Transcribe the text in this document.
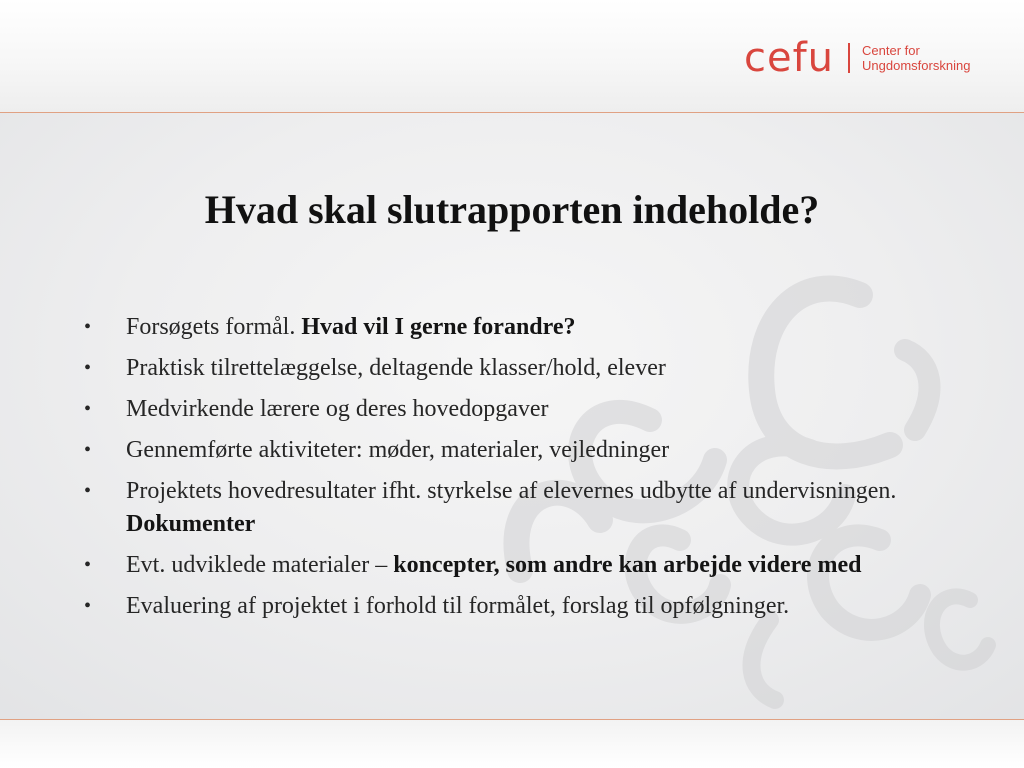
cefu Center for
Ungdomsforskning
Hvad skal slutrapporten indeholde?
• Forsøgets formål. Hvad vil I gerne forandre?
• Praktisk tilrettelæggelse, deltagende klasser/hold, elever
• Medvirkende lærere og deres hovedopgaver
• Gennemførte aktiviteter: møder, materialer, vejledninger
• Projektets hovedresultater ifht. styrkelse af elevernes udbytte af undervisningen. Dokumenter
• Evt. udviklede materialer – koncepter, som andre kan arbejde videre med
• Evaluering af projektet i forhold til formålet, forslag til opfølgninger.
